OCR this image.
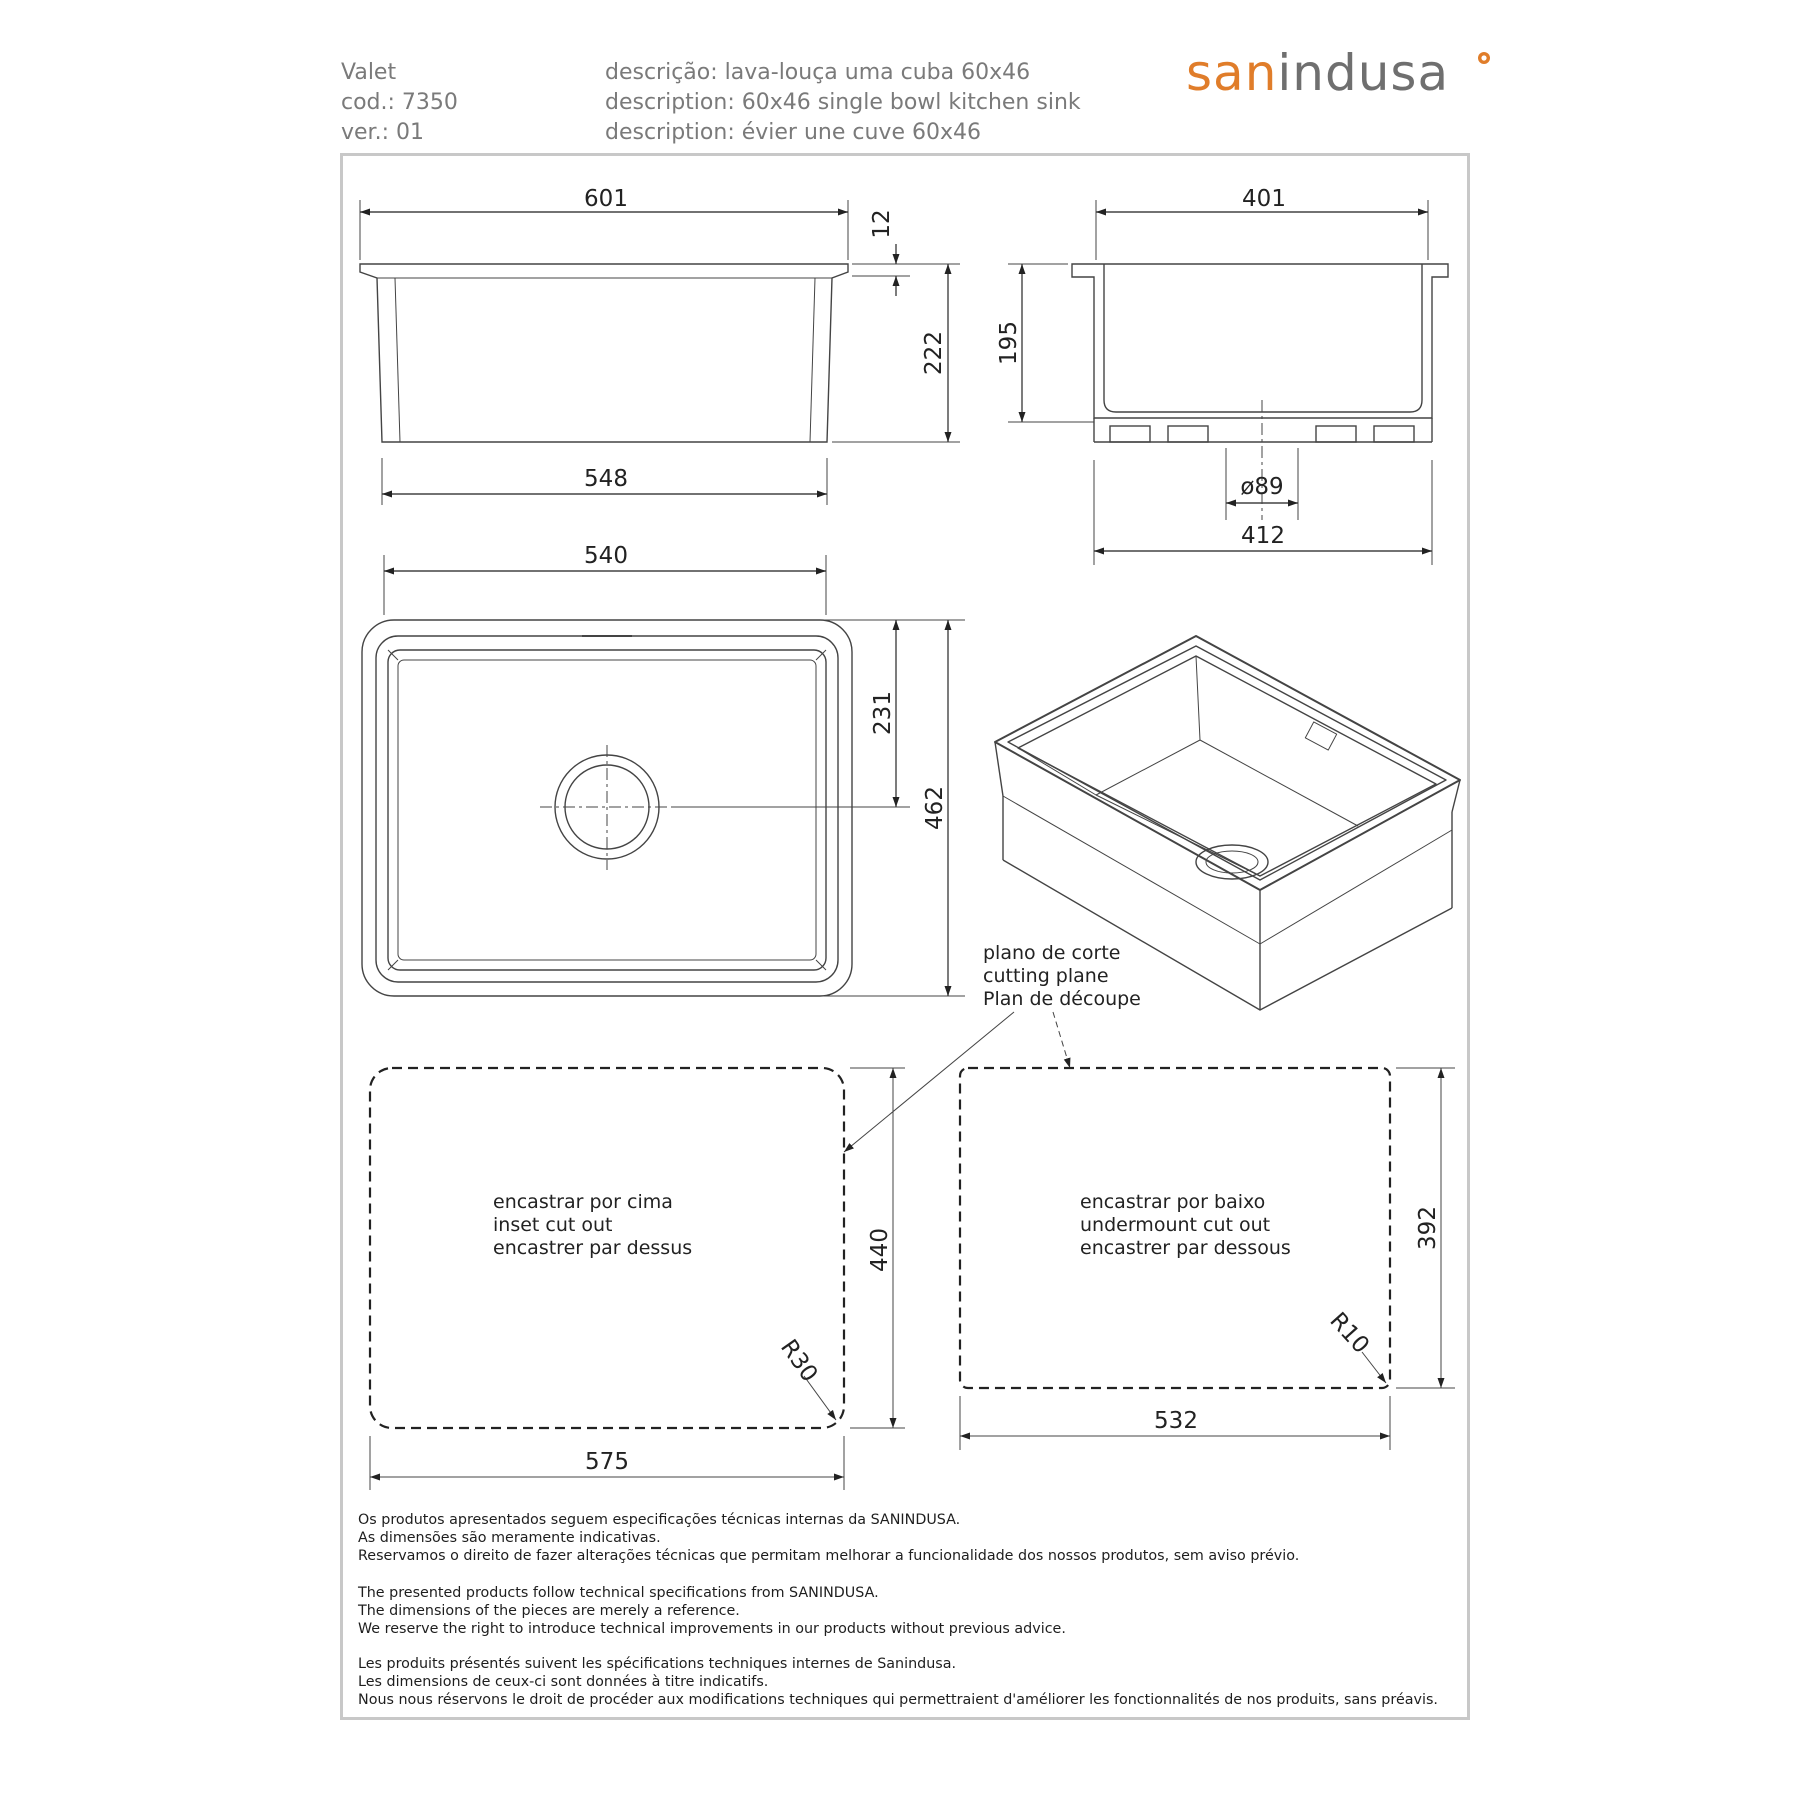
Valet
cod.: 7350
ver.: 01
descrição: lava-louça uma cuba 60x46
description: 60x46 single bowl kitchen sink
description: évier une cuve 60x46
sanindusa
601
548
222
12
401
195
ø89
412
540
231
462
plano de corte
cutting plane
Plan de découpe
encastrar por cima
inset cut out
encastrer par dessus	440
575
R30
encastrar por baixo
undermount cut out
encastrer par dessous	392
532
R10
Os produtos apresentados seguem especificações técnicas internas da SANINDUSA.
As dimensões são meramente indicativas.
Reservamos o direito de fazer alterações técnicas que permitam melhorar a funcionalidade dos nossos produtos, sem aviso prévio.
The presented products follow technical specifications from SANINDUSA.
The dimensions of the pieces are merely a reference.
We reserve the right to introduce technical improvements in our products without previous advice.
Les produits présentés suivent les spécifications techniques internes de Sanindusa.
Les dimensions de ceux-ci sont données à titre indicatifs.
Nous nous réservons le droit de procéder aux modifications techniques qui permettraient d'améliorer les fonctionnalités de nos produits, sans préavis.
